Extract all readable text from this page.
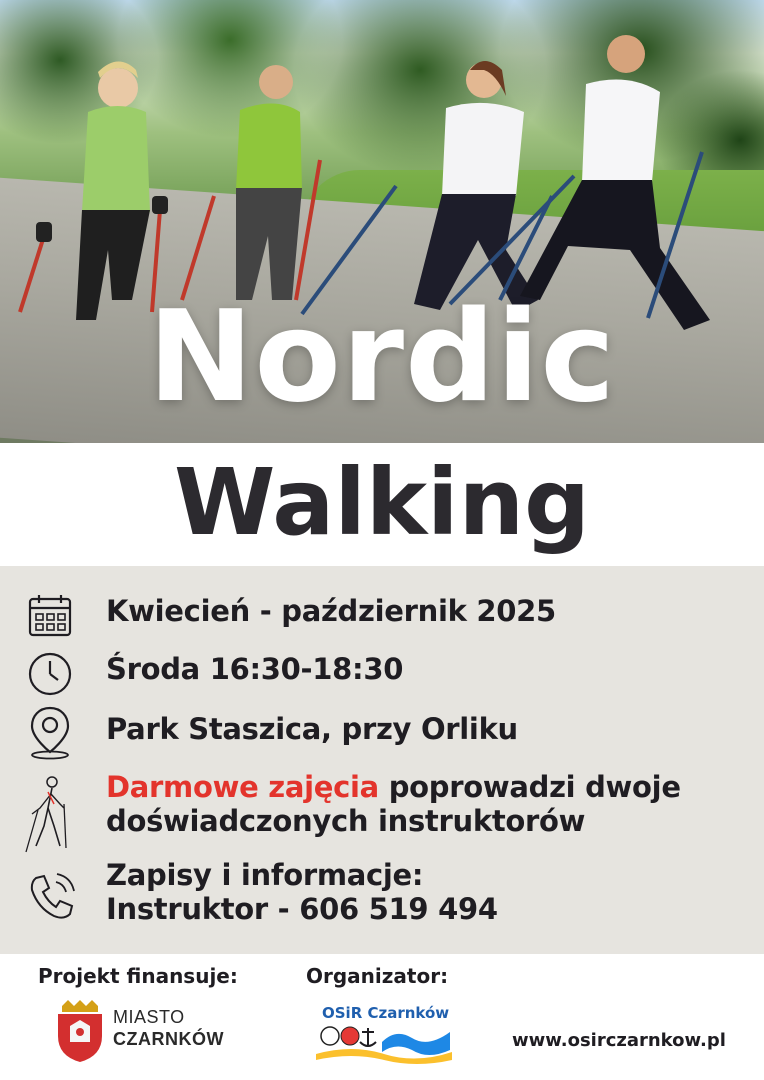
Nordic
Walking
Kwiecień - październik 2025
Środa 16:30-18:30
Park Staszica, przy Orliku
Darmowe zajęcia poprowadzi dwoje
doświadczonych instruktorów
Zapisy i informacje:
Instruktor - 606 519 494
Projekt finansuje:	Organizator:
MIASTO
CZARNKÓW
OSiR Czarnków
www.osirczarnkow.pl
